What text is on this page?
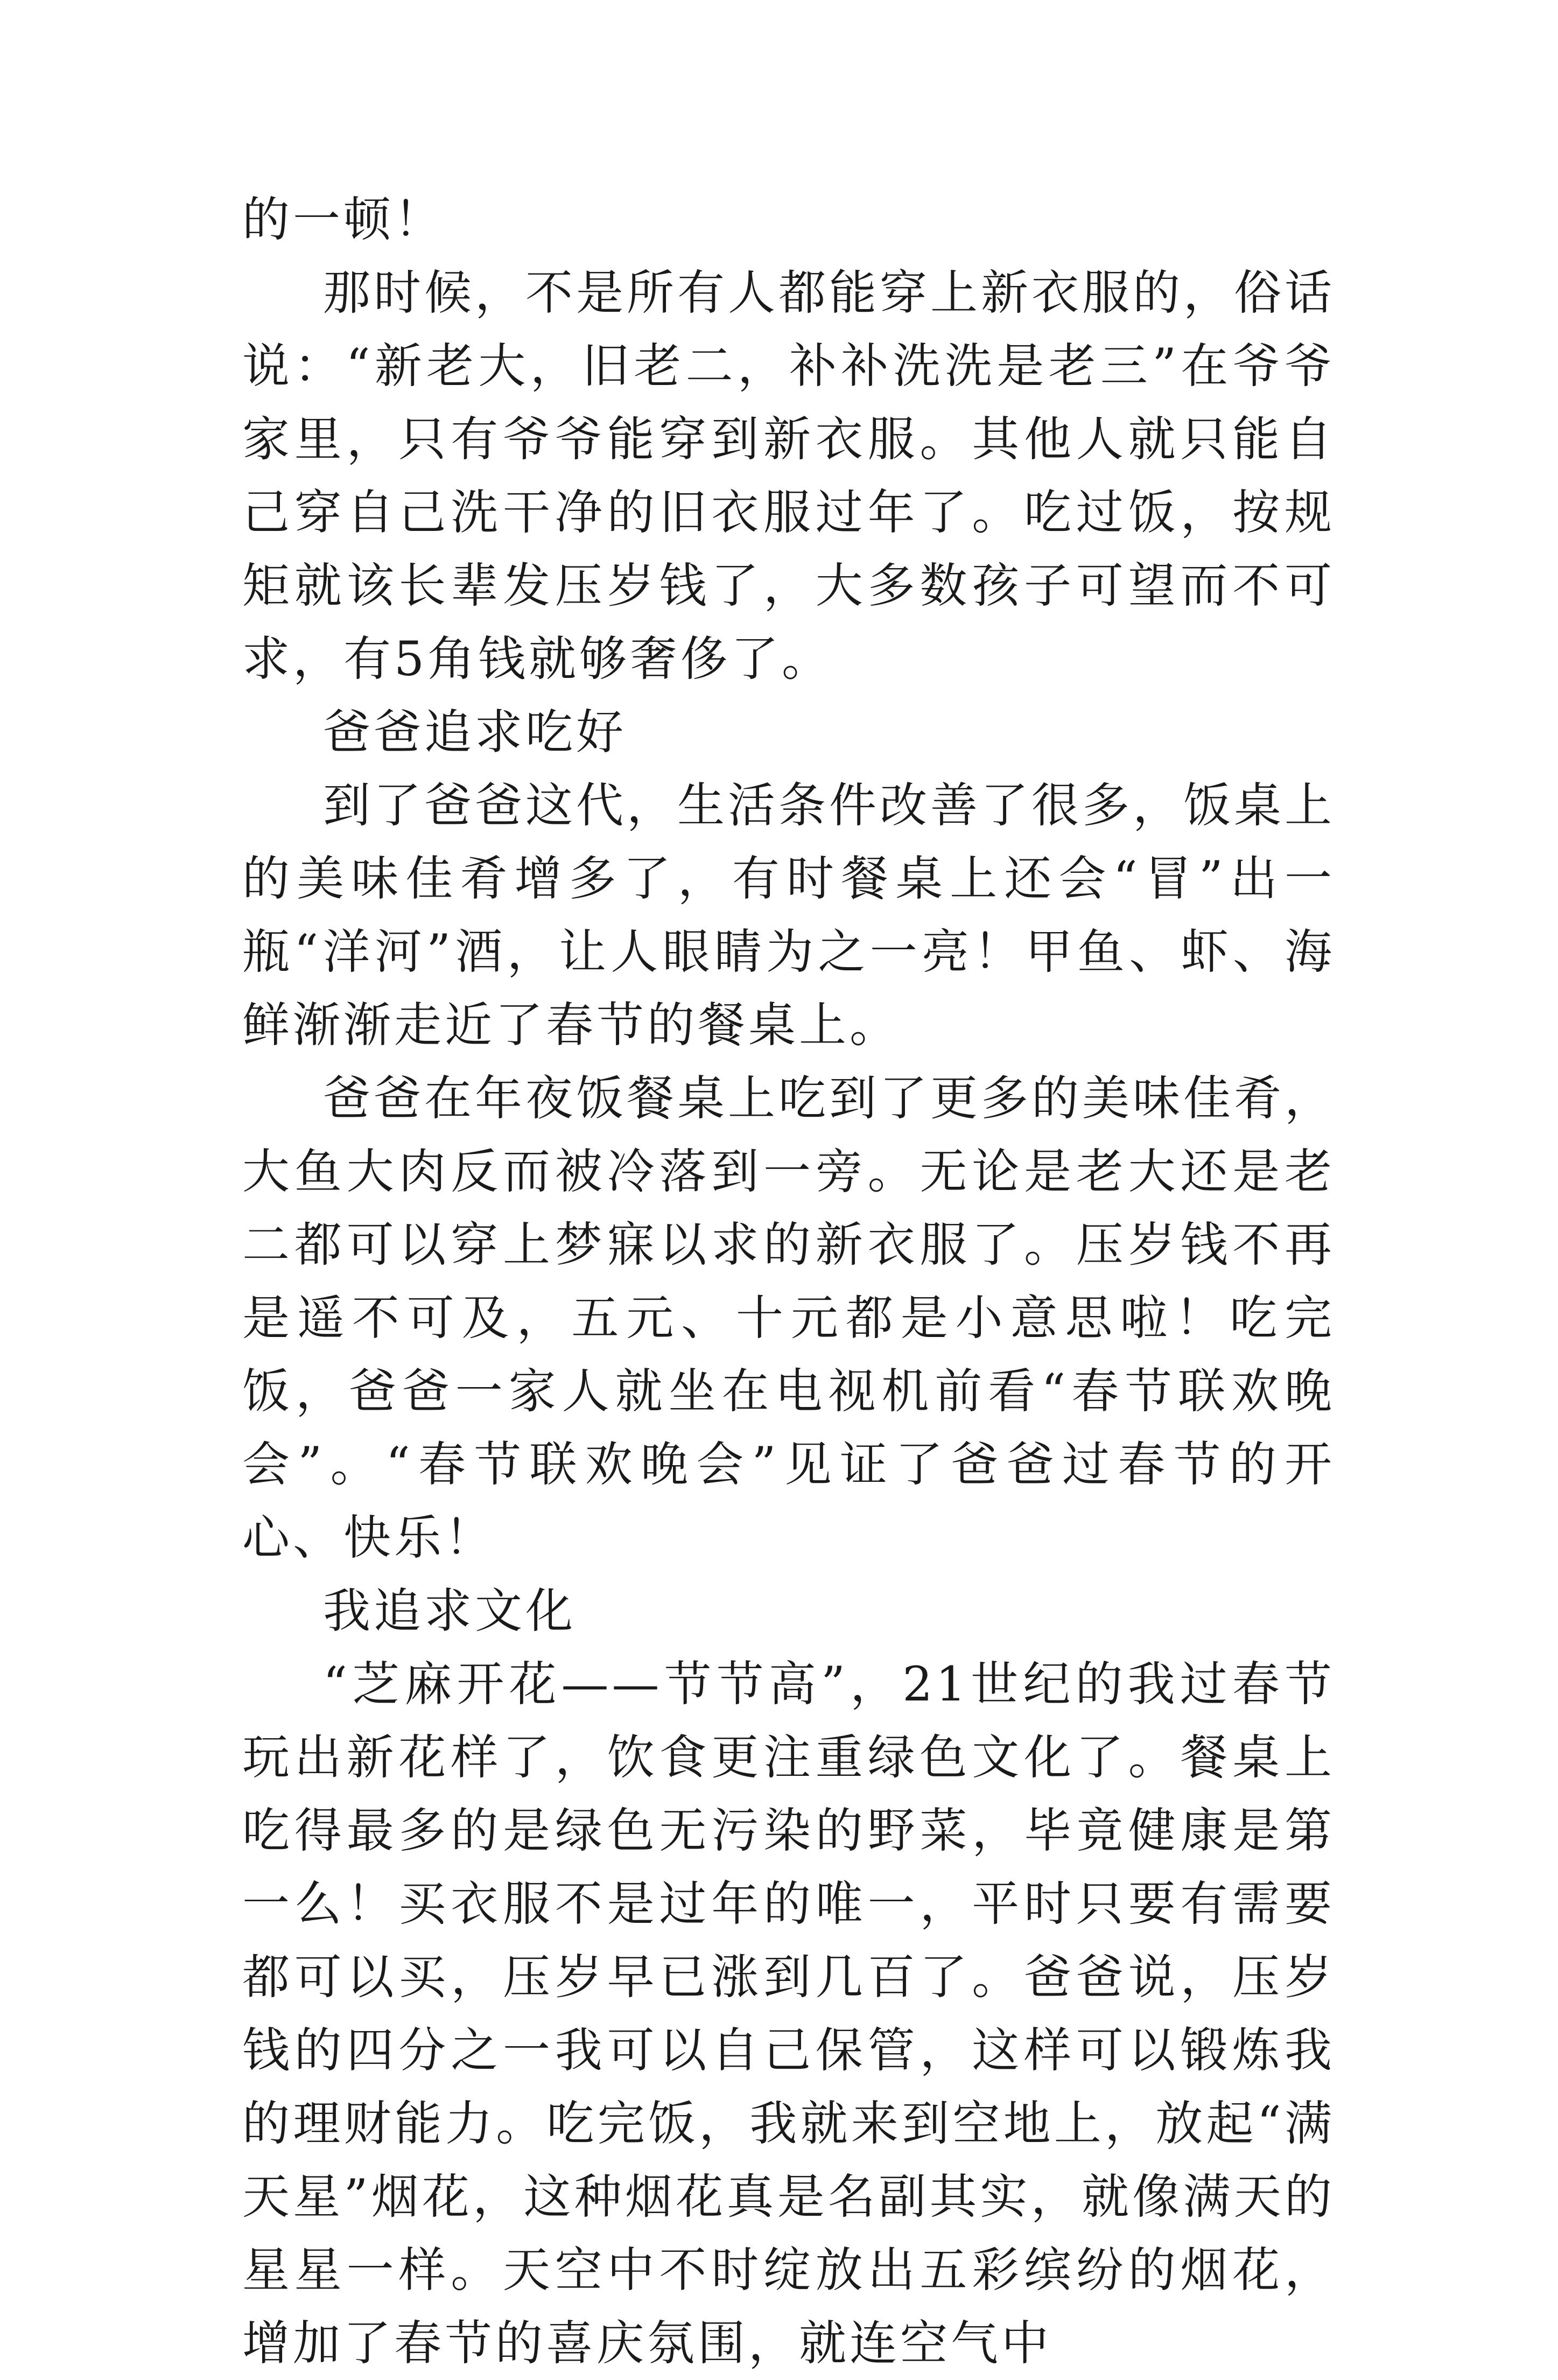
的一顿！

那时候，不是所有人都能穿上新衣服的，俗话说：“新老大，旧老二，补补洗洗是老三”在爷爷家里，只有爷爷能穿到新衣服。其他人就只能自己穿自己洗干净的旧衣服过年了。吃过饭，按规矩就该长辈发压岁钱了，大多数孩子可望而不可求，有5角钱就够奢侈了。

爸爸追求吃好

到了爸爸这代，生活条件改善了很多，饭桌上的美味佳肴增多了，有时餐桌上还会“冒”出一瓶“洋河”酒，让人眼睛为之一亮！甲鱼、虾、海鲜渐渐走近了春节的餐桌上。

爸爸在年夜饭餐桌上吃到了更多的美味佳肴，大鱼大肉反而被冷落到一旁。无论是老大还是老二都可以穿上梦寐以求的新衣服了。压岁钱不再是遥不可及，五元、十元都是小意思啦！吃完饭，爸爸一家人就坐在电视机前看“春节联欢晚会”。“春节联欢晚会”见证了爸爸过春节的开心、快乐！

我追求文化

“芝麻开花——节节高”，21世纪的我过春节玩出新花样了，饮食更注重绿色文化了。餐桌上吃得最多的是绿色无污染的野菜，毕竟健康是第一么！买衣服不是过年的唯一，平时只要有需要都可以买，压岁早已涨到几百了。爸爸说，压岁钱的四分之一我可以自己保管，这样可以锻炼我的理财能力。吃完饭，我就来到空地上，放起“满天星”烟花，这种烟花真是名副其实，就像满天的星星一样。天空中不时绽放出五彩缤纷的烟花，增加了春节的喜庆氛围，就连空气中
